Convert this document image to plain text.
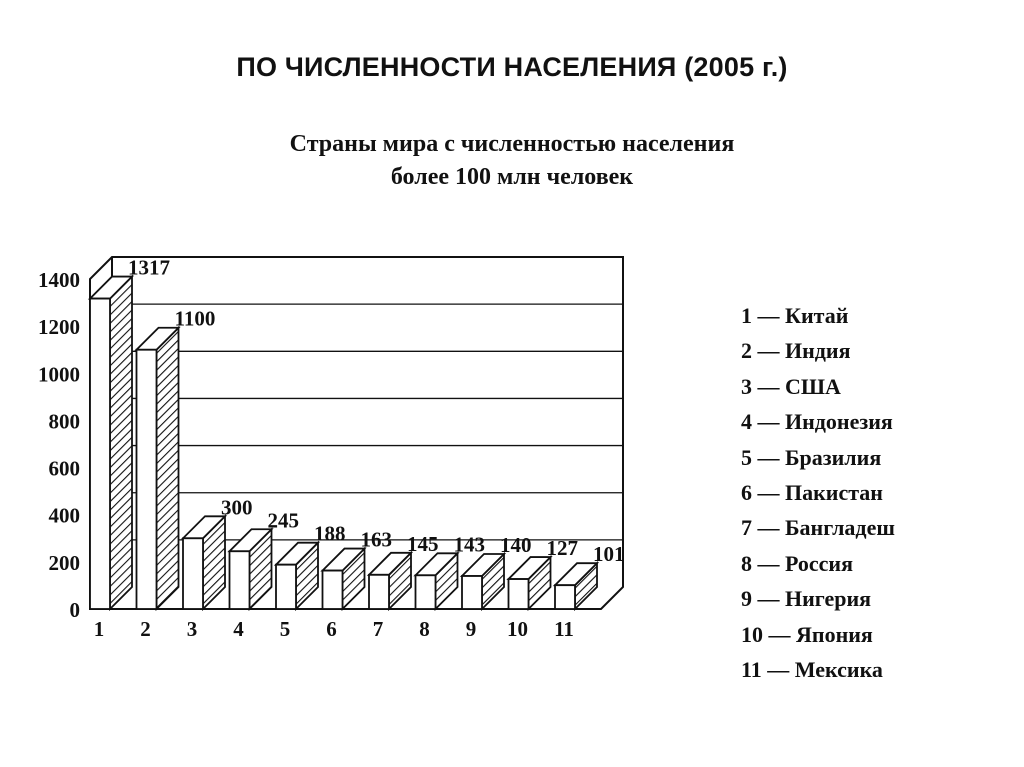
ПО ЧИСЛЕННОСТИ НАСЕЛЕНИЯ (2005 г.)
Страны мира с численностью населения
более 100 млн человек
0
200
400
600
800
1000
1200
1400
1 2 3 4 5 6 7 8 9 10 11
1317
1100
300
245
188 163 145 143 140 127 101
1 — Китай
2 — Индия
3 — США
4 — Индонезия
5 — Бразилия
6 — Пакистан
7 — Бангладеш
8 — Россия
9 — Нигерия
10 — Япония
11 — Мексика
